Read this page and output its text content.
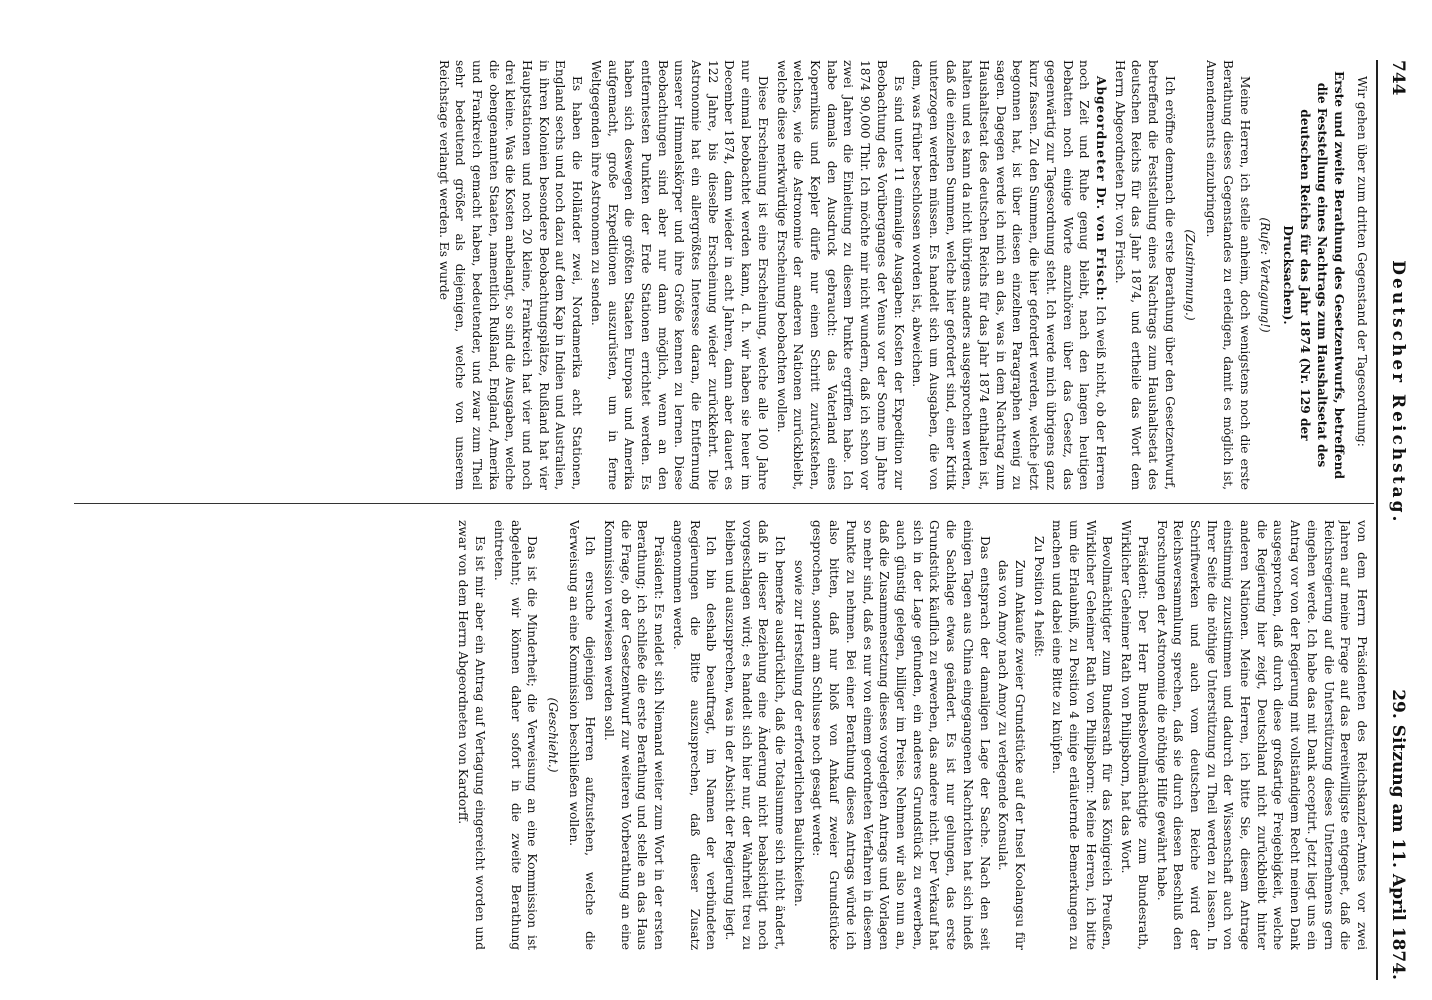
744
Deutscher Reichstag.
29. Sitzung am 11. April 1874.

Wir gehen über zum dritten Gegenstand der Tagesordnung:

Erste und zweite Berathung des Gesetzentwurfs, betreffend die Feststellung eines Nachtrags zum Haushaltsetat des deutschen Reichs für das Jahr 1874 (Nr. 129 der Drucksachen).

(Rufe: Vertagung!)

Meine Herren, ich stelle anheim, doch wenigstens noch die erste Berathung dieses Gegenstandes zu erledigen, damit es möglich ist, Amendements einzubringen.

(Zustimmung.)

Ich eröffne demnach die erste Berathung über den Gesetzentwurf, betreffend die Feststellung eines Nachtrags zum Haushaltsetat des deutschen Reichs für das Jahr 1874, und ertheile das Wort dem Herrn Abgeordneten Dr. von Frisch.

Abgeordneter Dr. von Frisch: Ich weiß nicht, ob der Herren noch Zeit und Ruhe genug bleibt, nach den langen heutigen Debatten noch einige Worte anzuhören über das Gesetz, das gegenwärtig zur Tagesordnung steht. Ich werde mich übrigens ganz kurz fassen. Zu den Summen, die hier gefordert werden, welche jetzt begonnen hat, ist über diesen einzelnen Paragraphen wenig zu sagen. Dagegen werde ich mich an das, was in dem Nachtrag zum Haushaltsetat des deutschen Reichs für das Jahr 1874 enthalten ist, halten und es kann da nicht übrigens anders ausgesprochen werden, daß die einzelnen Summen, welche hier gefordert sind, einer Kritik unterzogen werden müssen. Es handelt sich um Ausgaben, die von dem, was früher beschlossen worden ist, abweichen.

Es sind unter 11 einmalige Ausgaben: Kosten der Expedition zur Beobachtung des Vorüberganges der Venus vor der Sonne im Jahre 1874 90,000 Thlr. Ich möchte mir nicht wundern, daß ich schon vor zwei Jahren die Einleitung zu diesem Punkte ergriffen habe. Ich habe damals den Ausdruck gebraucht: das Vaterland eines Kopernikus und Kepler dürfe nur einen Schritt zurückstehen, welches, wie die Astronomie der anderen Nationen zurückbleibt, welche diese merkwürdige Erscheinung beobachten wollen.

Diese Erscheinung ist eine Erscheinung, welche alle 100 Jahre nur einmal beobachtet werden kann, d. h. wir haben sie heuer im December 1874, dann wieder in acht Jahren, dann aber dauert es 122 Jahre, bis dieselbe Erscheinung wieder zurückkehrt. Die Astronomie hat ein allergrößtes Interesse daran, die Entfernung unserer Himmelskörper und ihre Größe kennen zu lernen. Diese Beobachtungen sind aber nur dann möglich, wenn an den entferntesten Punkten der Erde Stationen errichtet werden. Es haben sich deswegen die größten Staaten Europas und Amerika aufgemacht, große Expeditionen auszurüsten, um in ferne Weltgegenden ihre Astronomen zu senden.

Es haben die Holländer zwei, Nordamerika acht Stationen, England sechs und noch dazu auf dem Kap in Indien und Australien, in ihren Kolonien besondere Beobachtungsplätze, Rußland hat vier Hauptstationen und noch 20 kleine, Frankreich hat vier und noch drei kleine. Was die Kosten anbelangt, so sind die Ausgaben, welche die obengenannten Staaten, namentlich Rußland, England, Amerika und Frankreich gemacht haben, bedeutender, und zwar zum Theil sehr bedeutend größer als diejenigen, welche von unserem Reichstage verlangt werden. Es wurde

von dem Herrn Präsidenten des Reichskanzler-Amtes vor zwei Jahren auf meine Frage auf das Bereitwilligste entgegnet, daß die Reichsregierung auf die Unterstützung dieses Unternehmens gern eingehen werde. Ich habe das mit Dank acceptirt. Jetzt liegt uns ein Antrag vor von der Regierung mit vollständigem Recht meinen Dank ausgesprochen, daß durch diese großartige Freigebigkeit, welche die Regierung hier zeigt, Deutschland nicht zurückbleibt hinter anderen Nationen. Meine Herren, ich bitte Sie, diesem Antrage einstimmig zuzustimmen und dadurch der Wissenschaft auch von Ihrer Seite die nöthige Unterstützung zu Theil werden zu lassen. In Schriftwerken und auch vom deutschen Reiche wird der Reichsversammlung sprechen, daß sie durch diesen Beschluß den Forschungen der Astronomie die nöthige Hilfe gewährt habe.

Präsident: Der Herr Bundesbevollmächtigte zum Bundesrath, Wirklicher Geheimer Rath von Philipsborn, hat das Wort.

Bevollmächtigter zum Bundesrath für das Königreich Preußen, Wirklicher Geheimer Rath von Philipsborn: Meine Herren, ich bitte um die Erlaubniß, zu Position 4 einige erläuternde Bemerkungen zu machen und dabei eine Bitte zu knüpfen.

Zu Position 4 heißt:

Zum Ankaufe zweier Grundstücke auf der Insel Koolangsu für das von Amoy nach Amoy zu verlegende Konsulat.

Das entsprach der damaligen Lage der Sache. Nach den seit einigen Tagen aus China eingegangenen Nachrichten hat sich indeß die Sachlage etwas geändert. Es ist nur gelungen, das erste Grundstück käuflich zu erwerben, das andere nicht. Der Verkauf hat sich in der Lage gefunden, ein anderes Grundstück zu erwerben, auch günstig gelegen, billiger im Preise. Nehmen wir also nun an, daß die Zusammensetzung dieses vorgelegten Antrags und Vorlagen so mehr sind, daß es nur von einem geordneten Verfahren in diesem Punkte zu nehmen. Bei einer Berathung dieses Antrags würde ich also bitten, daß nur bloß von Ankauf zweier Grundstücke gesprochen, sondern am Schlusse noch gesagt werde:

sowie zur Herstellung der erforderlichen Baulichkeiten.

Ich bemerke ausdrücklich, daß die Totalsumme sich nicht ändert, daß in dieser Beziehung eine Änderung nicht beabsichtigt noch vorgeschlagen wird; es handelt sich hier nur, der Wahrheit treu zu bleiben und auszusprechen, was in der Absicht der Regierung liegt.

Ich bin deshalb beauftragt, im Namen der verbündeten Regierungen die Bitte auszusprechen, daß dieser Zusatz angenommen werde.

Präsident: Es meldet sich Niemand weiter zum Wort in der ersten Berathung; ich schließe die erste Berathung und stelle an das Haus die Frage, ob der Gesetzentwurf zur weiteren Vorberathung an eine Kommission verwiesen werden soll.

Ich ersuche diejenigen Herren aufzustehen, welche die Verweisung an eine Kommission beschließen wollen.

(Geschieht.)

Das ist die Minderheit; die Verweisung an eine Kommission ist abgelehnt; wir können daher sofort in die zweite Berathung eintreten.

Es ist mir aber ein Antrag auf Vertagung eingereicht worden und zwar von dem Herrn Abgeordneten von Kardorff.
